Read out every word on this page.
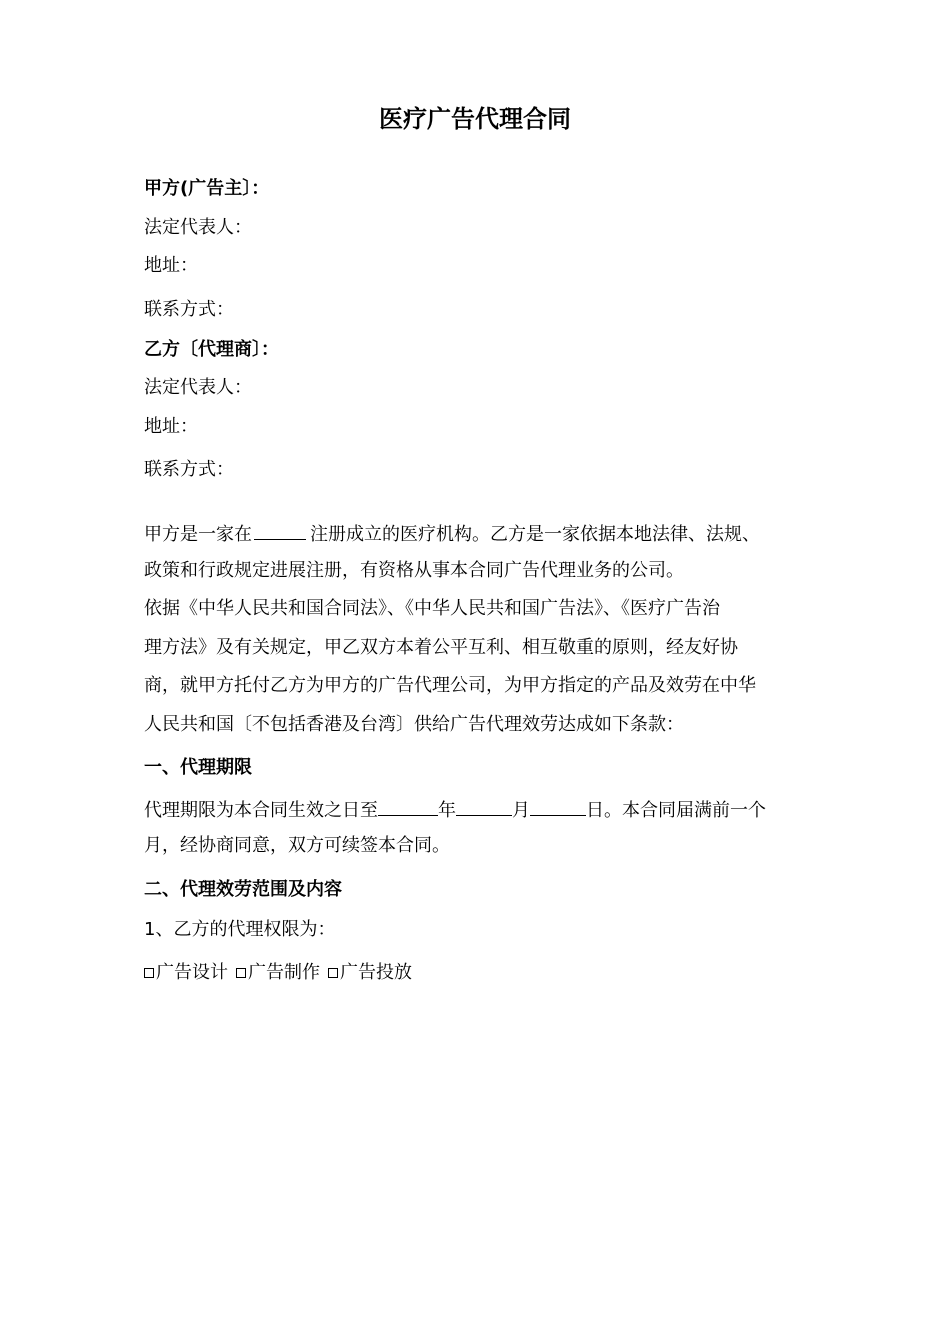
医疗广告代理合同
甲方(广告主〕：
法定代表人：
地址：
联系方式：
乙方〔代理商〕：
法定代表人：
地址：
联系方式：
甲方是一家在	注册成立的医疗机构。乙方是一家依据本地法律、法规、
政策和行政规定进展注册，有资格从事本合同广告代理业务的公司。
依据《中华人民共和国合同法》、《中华人民共和国广告法》、《医疗广告治
理方法》及有关规定，甲乙双方本着公平互利、相互敬重的原则，经友好协
商，就甲方托付乙方为甲方的广告代理公司，为甲方指定的产品及效劳在中华
人民共和国〔不包括香港及台湾〕供给广告代理效劳达成如下条款：
一、代理期限
代理期限为本合同生效之日至	年	月	日。本合同届满前一个
月，经协商同意，双方可续签本合同。
二、代理效劳范围及内容
1、乙方的代理权限为：
广告设计 广告制作 广告投放
